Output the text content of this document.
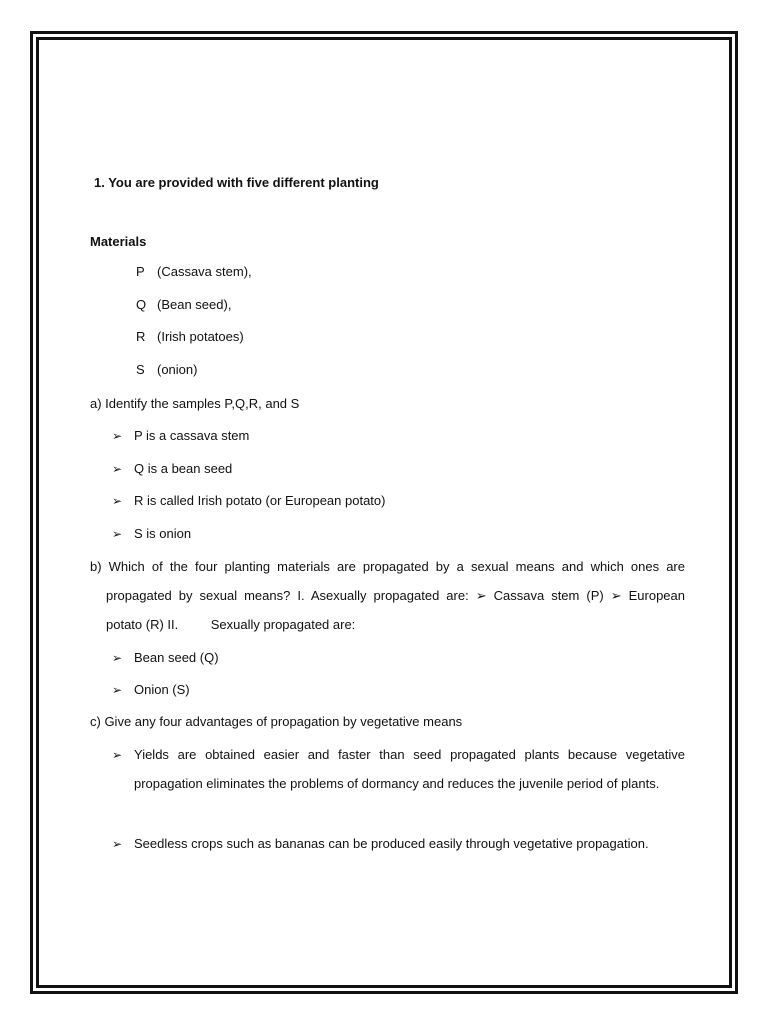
1. You are provided with five different planting
Materials
P (Cassava stem),
Q (Bean seed),
R (Irish potatoes)
S (onion)
a) Identify the samples P,Q,R, and S
➢ P is a cassava stem
➢ Q is a bean seed
➢ R is called Irish potato (or European potato)
➢ S is onion
b) Which of the four planting materials are propagated by a sexual means and which ones are
propagated by sexual means? I. Asexually propagated are: ➢ Cassava stem (P) ➢ European
potato (R) II.         Sexually propagated are:
➢ Bean seed (Q)
➢ Onion (S)
c) Give any four advantages of propagation by vegetative means
➢ Yields are obtained easier and faster than seed propagated plants because vegetative propagation eliminates the problems of dormancy and reduces the juvenile period of plants.
➢ Seedless crops such as bananas can be produced easily through vegetative propagation.
